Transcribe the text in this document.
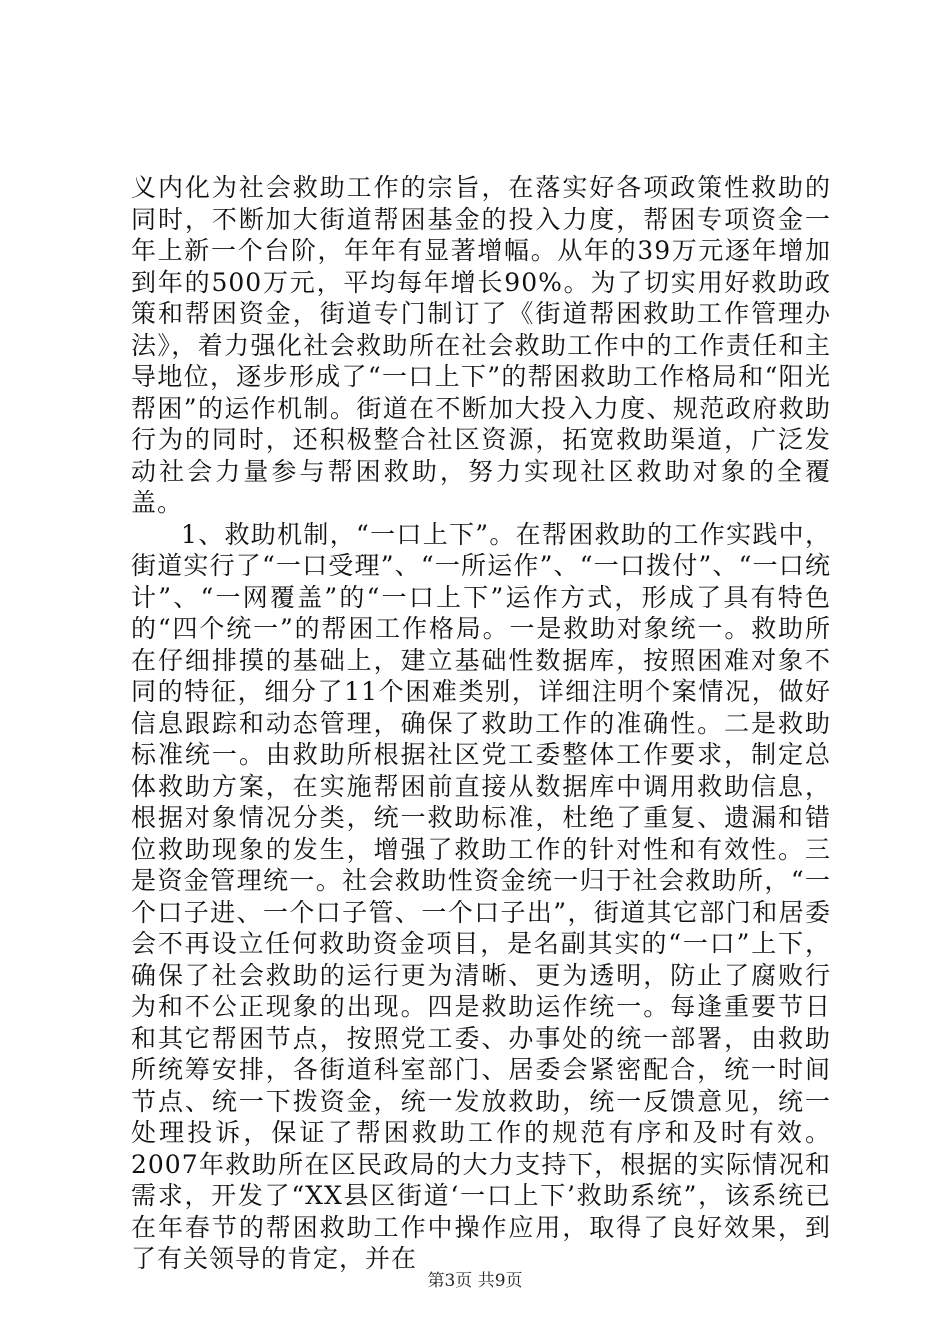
义内化为社会救助工作的宗旨，在落实好各项政策性救助的同时，不断加大街道帮困基金的投入力度，帮困专项资金一年上新一个台阶，年年有显著增幅。从年的39万元逐年增加到年的500万元，平均每年增长90%。为了切实用好救助政策和帮困资金，街道专门制订了《街道帮困救助工作管理办法》，着力强化社会救助所在社会救助工作中的工作责任和主导地位，逐步形成了“一口上下”的帮困救助工作格局和“阳光帮困”的运作机制。街道在不断加大投入力度、规范政府救助行为的同时，还积极整合社区资源，拓宽救助渠道，广泛发动社会力量参与帮困救助，努力实现社区救助对象的全覆盖。

1、救助机制，“一口上下”。在帮困救助的工作实践中，街道实行了“一口受理”、“一所运作”、“一口拨付”、“一口统计”、“一网覆盖”的“一口上下”运作方式，形成了具有特色的“四个统一”的帮困工作格局。一是救助对象统一。救助所在仔细排摸的基础上，建立基础性数据库，按照困难对象不同的特征，细分了11个困难类别，详细注明个案情况，做好信息跟踪和动态管理，确保了救助工作的准确性。二是救助标准统一。由救助所根据社区党工委整体工作要求，制定总体救助方案，在实施帮困前直接从数据库中调用救助信息，根据对象情况分类，统一救助标准，杜绝了重复、遗漏和错位救助现象的发生，增强了救助工作的针对性和有效性。三是资金管理统一。社会救助性资金统一归于社会救助所，“一个口子进、一个口子管、一个口子出”，街道其它部门和居委会不再设立任何救助资金项目，是名副其实的“一口”上下，确保了社会救助的运行更为清晰、更为透明，防止了腐败行为和不公正现象的出现。四是救助运作统一。每逢重要节日和其它帮困节点，按照党工委、办事处的统一部署，由救助所统筹安排，各街道科室部门、居委会紧密配合，统一时间节点、统一下拨资金，统一发放救助，统一反馈意见，统一处理投诉，保证了帮困救助工作的规范有序和及时有效。2007年救助所在区民政局的大力支持下，根据的实际情况和需求，开发了“XX县区街道‘一口上下’救助系统”，该系统已在年春节的帮困救助工作中操作应用，取得了良好效果，到了有关领导的肯定，并在

第3页 共9页
